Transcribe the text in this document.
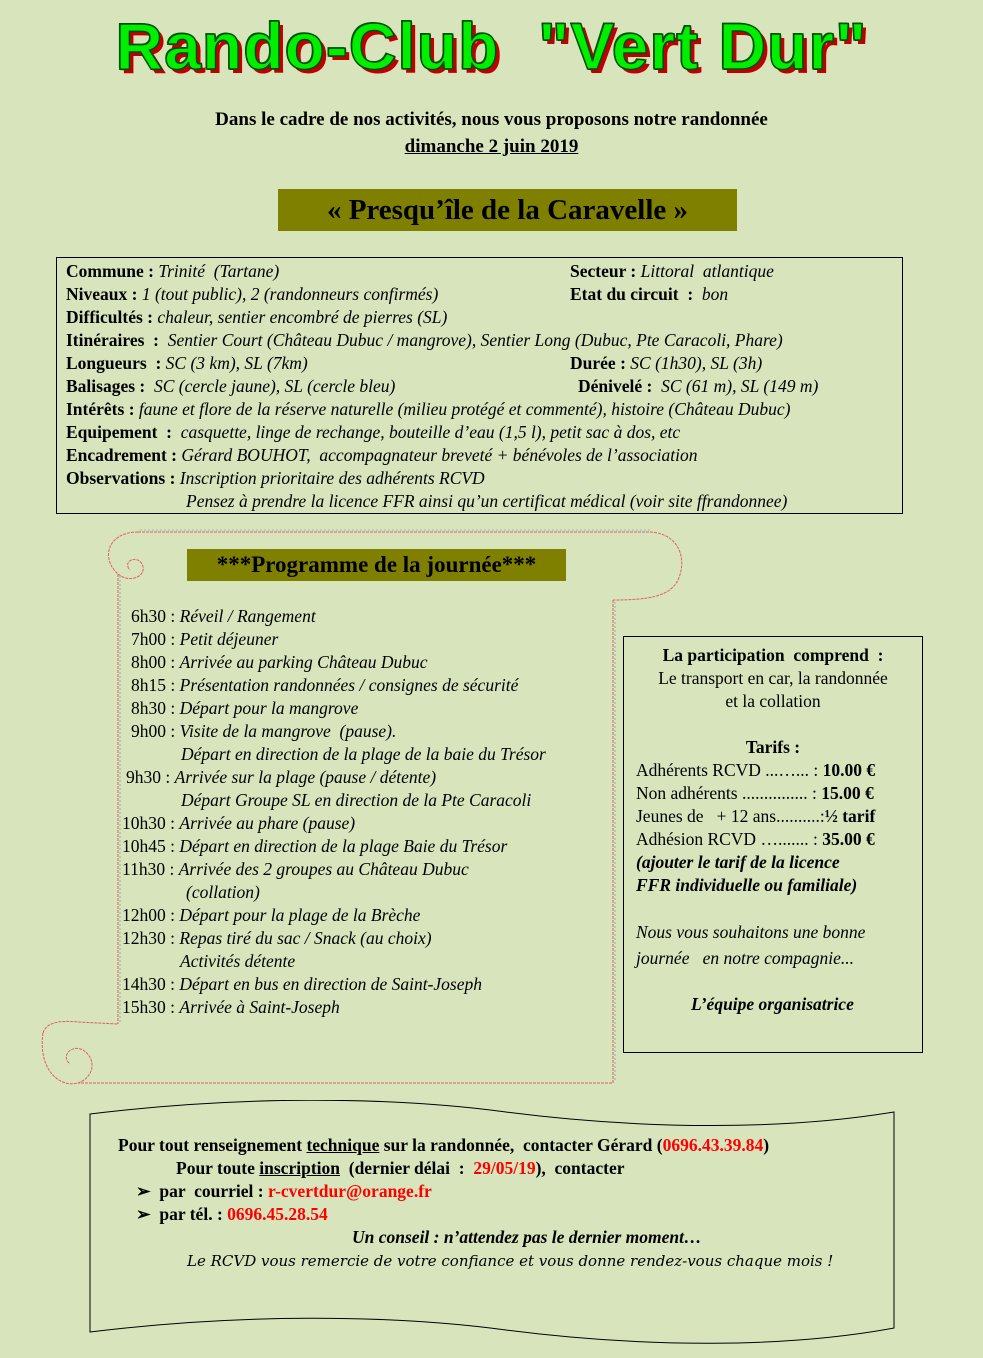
Rando-Club  "Vert Dur"
Dans le cadre de nos activités, nous vous proposons notre randonnée
dimanche 2 juin 2019
« Presqu’île de la Caravelle »
Commune : Trinité  (Tartane)	Secteur : Littoral  atlantique
Niveaux : 1 (tout public), 2 (randonneurs confirmés)	Etat du circuit  :  bon
Difficultés : chaleur, sentier encombré de pierres (SL)
Itinéraires  :  Sentier Court (Château Dubuc / mangrove), Sentier Long (Dubuc, Pte Caracoli, Phare)
Longueurs  : SC (3 km), SL (7km)	Durée : SC (1h30), SL (3h)
Balisages :  SC (cercle jaune), SL (cercle bleu)	Dénivelé :  SC (61 m), SL (149 m)
Intérêts : faune et flore de la réserve naturelle (milieu protégé et commenté), histoire (Château Dubuc)
Equipement  :  casquette, linge de rechange, bouteille d’eau (1,5 l), petit sac à dos, etc
Encadrement : Gérard BOUHOT,  accompagnateur breveté + bénévoles de l’association
Observations : Inscription prioritaire des adhérents RCVD
Pensez à prendre la licence FFR ainsi qu’un certificat médical (voir site ffrandonnee)
***Programme de la journée***
6h30 : Réveil / Rangement
7h00 : Petit déjeuner
8h00 : Arrivée au parking Château Dubuc
8h15 : Présentation randonnées / consignes de sécurité
8h30 : Départ pour la mangrove
9h00 : Visite de la mangrove  (pause).
Départ en direction de la plage de la baie du Trésor
9h30 : Arrivée sur la plage (pause / détente)
Départ Groupe SL en direction de la Pte Caracoli
10h30 : Arrivée au phare (pause)
10h45 : Départ en direction de la plage Baie du Trésor
11h30 : Arrivée des 2 groupes au Château Dubuc
(collation)
12h00 : Départ pour la plage de la Brèche
12h30 : Repas tiré du sac / Snack (au choix)
Activités détente
14h30 : Départ en bus en direction de Saint-Joseph
15h30 : Arrivée à Saint-Joseph
La participation  comprend  :
Le transport en car, la randonnée
et la collation
Tarifs :
Adhérents RCVD ...…... : 10.00 €
Non adhérents ............... : 15.00 €
Jeunes de   + 12 ans..........:½ tarif
Adhésion RCVD …....... : 35.00 €
(ajouter le tarif de la licence
FFR individuelle ou familiale)
Nous vous souhaitons une bonne
journée   en notre compagnie...
L’équipe organisatrice
Pour tout renseignement technique sur la randonnée,  contacter Gérard (0696.43.39.84)
Pour toute inscription  (dernier délai  :  29/05/19),  contacter
➢ par  courriel : r-cvertdur@orange.fr
➢ par tél. : 0696.45.28.54
Un conseil : n’attendez pas le dernier moment…
Le RCVD vous remercie de votre confiance et vous donne rendez-vous chaque mois !
